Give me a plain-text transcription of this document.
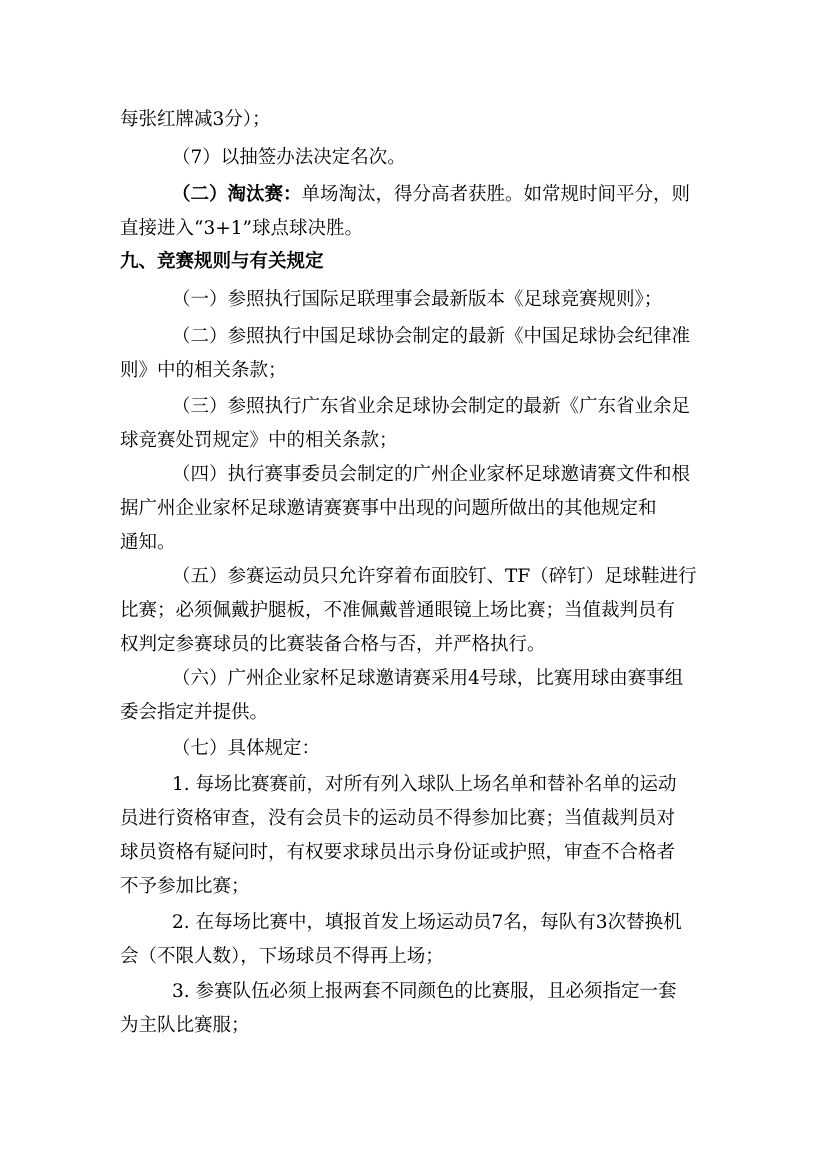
每张红牌减3分）；

（7）以抽签办法决定名次。

（二）淘汰赛：单场淘汰，得分高者获胜。如常规时间平分，则
直接进入“3+1”球点球决胜。

九、竞赛规则与有关规定

（一）参照执行国际足联理事会最新版本《足球竞赛规则》；

（二）参照执行中国足球协会制定的最新《中国足球协会纪律准
则》中的相关条款；

（三）参照执行广东省业余足球协会制定的最新《广东省业余足
球竞赛处罚规定》中的相关条款；

（四）执行赛事委员会制定的广州企业家杯足球邀请赛文件和根
据广州企业家杯足球邀请赛赛事中出现的问题所做出的其他规定和
通知。

（五）参赛运动员只允许穿着布面胶钉、TF（碎钉）足球鞋进行
比赛；必须佩戴护腿板，不准佩戴普通眼镜上场比赛；当值裁判员有
权判定参赛球员的比赛装备合格与否，并严格执行。

（六）广州企业家杯足球邀请赛采用4号球，比赛用球由赛事组
委会指定并提供。

（七）具体规定：

1. 每场比赛赛前，对所有列入球队上场名单和替补名单的运动
员进行资格审查，没有会员卡的运动员不得参加比赛；当值裁判员对
球员资格有疑问时，有权要求球员出示身份证或护照，审查不合格者
不予参加比赛；

2. 在每场比赛中，填报首发上场运动员7名，每队有3次替换机
会（不限人数），下场球员不得再上场；

3. 参赛队伍必须上报两套不同颜色的比赛服，且必须指定一套
为主队比赛服；
